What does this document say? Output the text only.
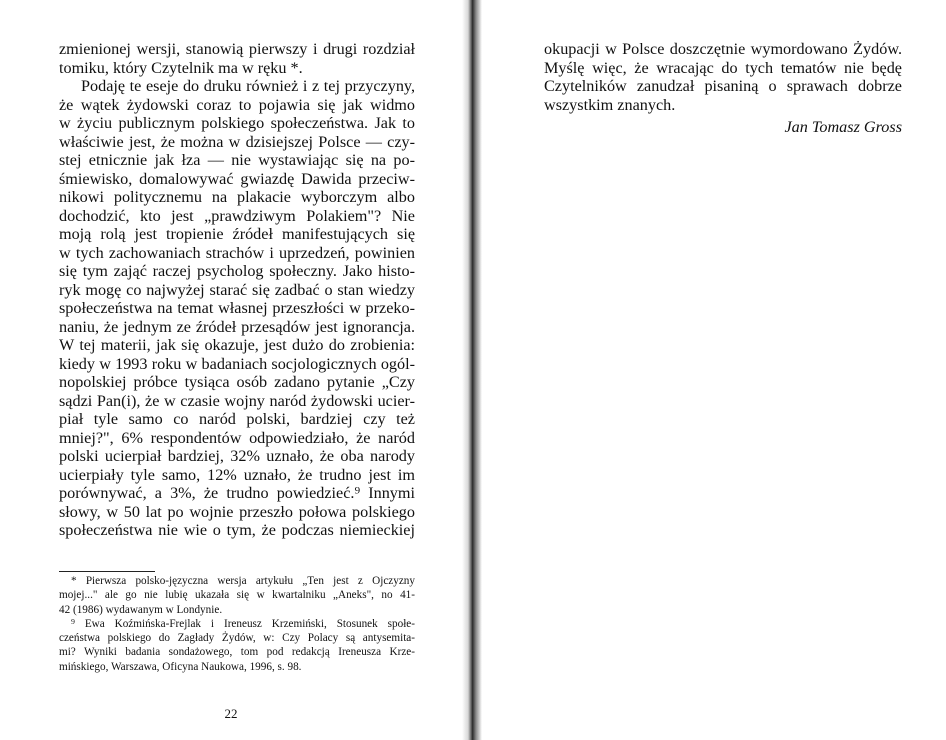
zmienionej wersji, stanowią pierwszy i drugi rozdział
tomiku, który Czytelnik ma w ręku *.
Podaję te eseje do druku również i z tej przyczyny,
że wątek żydowski coraz to pojawia się jak widmo
w życiu publicznym polskiego społeczeństwa. Jak to
właściwie jest, że można w dzisiejszej Polsce — czy-
stej etnicznie jak łza — nie wystawiając się na po-
śmiewisko, domalowywać gwiazdę Dawida przeciw-
nikowi politycznemu na plakacie wyborczym albo
dochodzić, kto jest „prawdziwym Polakiem"? Nie
moją rolą jest tropienie źródeł manifestujących się
w tych zachowaniach strachów i uprzedzeń, powinien
się tym zająć raczej psycholog społeczny. Jako histo-
ryk mogę co najwyżej starać się zadbać o stan wiedzy
społeczeństwa na temat własnej przeszłości w przeko-
naniu, że jednym ze źródeł przesądów jest ignorancja.
W tej materii, jak się okazuje, jest dużo do zrobienia:
kiedy w 1993 roku w badaniach socjologicznych ogól-
nopolskiej próbce tysiąca osób zadano pytanie „Czy
sądzi Pan(i), że w czasie wojny naród żydowski ucier-
piał tyle samo co naród polski, bardziej czy też
mniej?", 6% respondentów odpowiedziało, że naród
polski ucierpiał bardziej, 32% uznało, że oba narody
ucierpiały tyle samo, 12% uznało, że trudno jest im
porównywać, a 3%, że trudno powiedzieć.⁹ Innymi
słowy, w 50 lat po wojnie przeszło połowa polskiego
społeczeństwa nie wie o tym, że podczas niemieckiej
* Pierwsza polsko-języczna wersja artykułu „Ten jest z Ojczyzny
mojej..." ale go nie lubię ukazała się w kwartalniku „Aneks", no 41-
42 (1986) wydawanym w Londynie.
⁹ Ewa Koźmińska-Frejlak i Ireneusz Krzemiński, Stosunek społe-
czeństwa polskiego do Zagłady Żydów, w: Czy Polacy są antysemita-
mi? Wyniki badania sondażowego, tom pod redakcją Ireneusza Krze-
mińskiego, Warszawa, Oficyna Naukowa, 1996, s. 98.
22
okupacji w Polsce doszczętnie wymordowano Żydów.
Myślę więc, że wracając do tych tematów nie będę
Czytelników zanudzał pisaniną o sprawach dobrze
wszystkim znanych.
Jan Tomasz Gross
